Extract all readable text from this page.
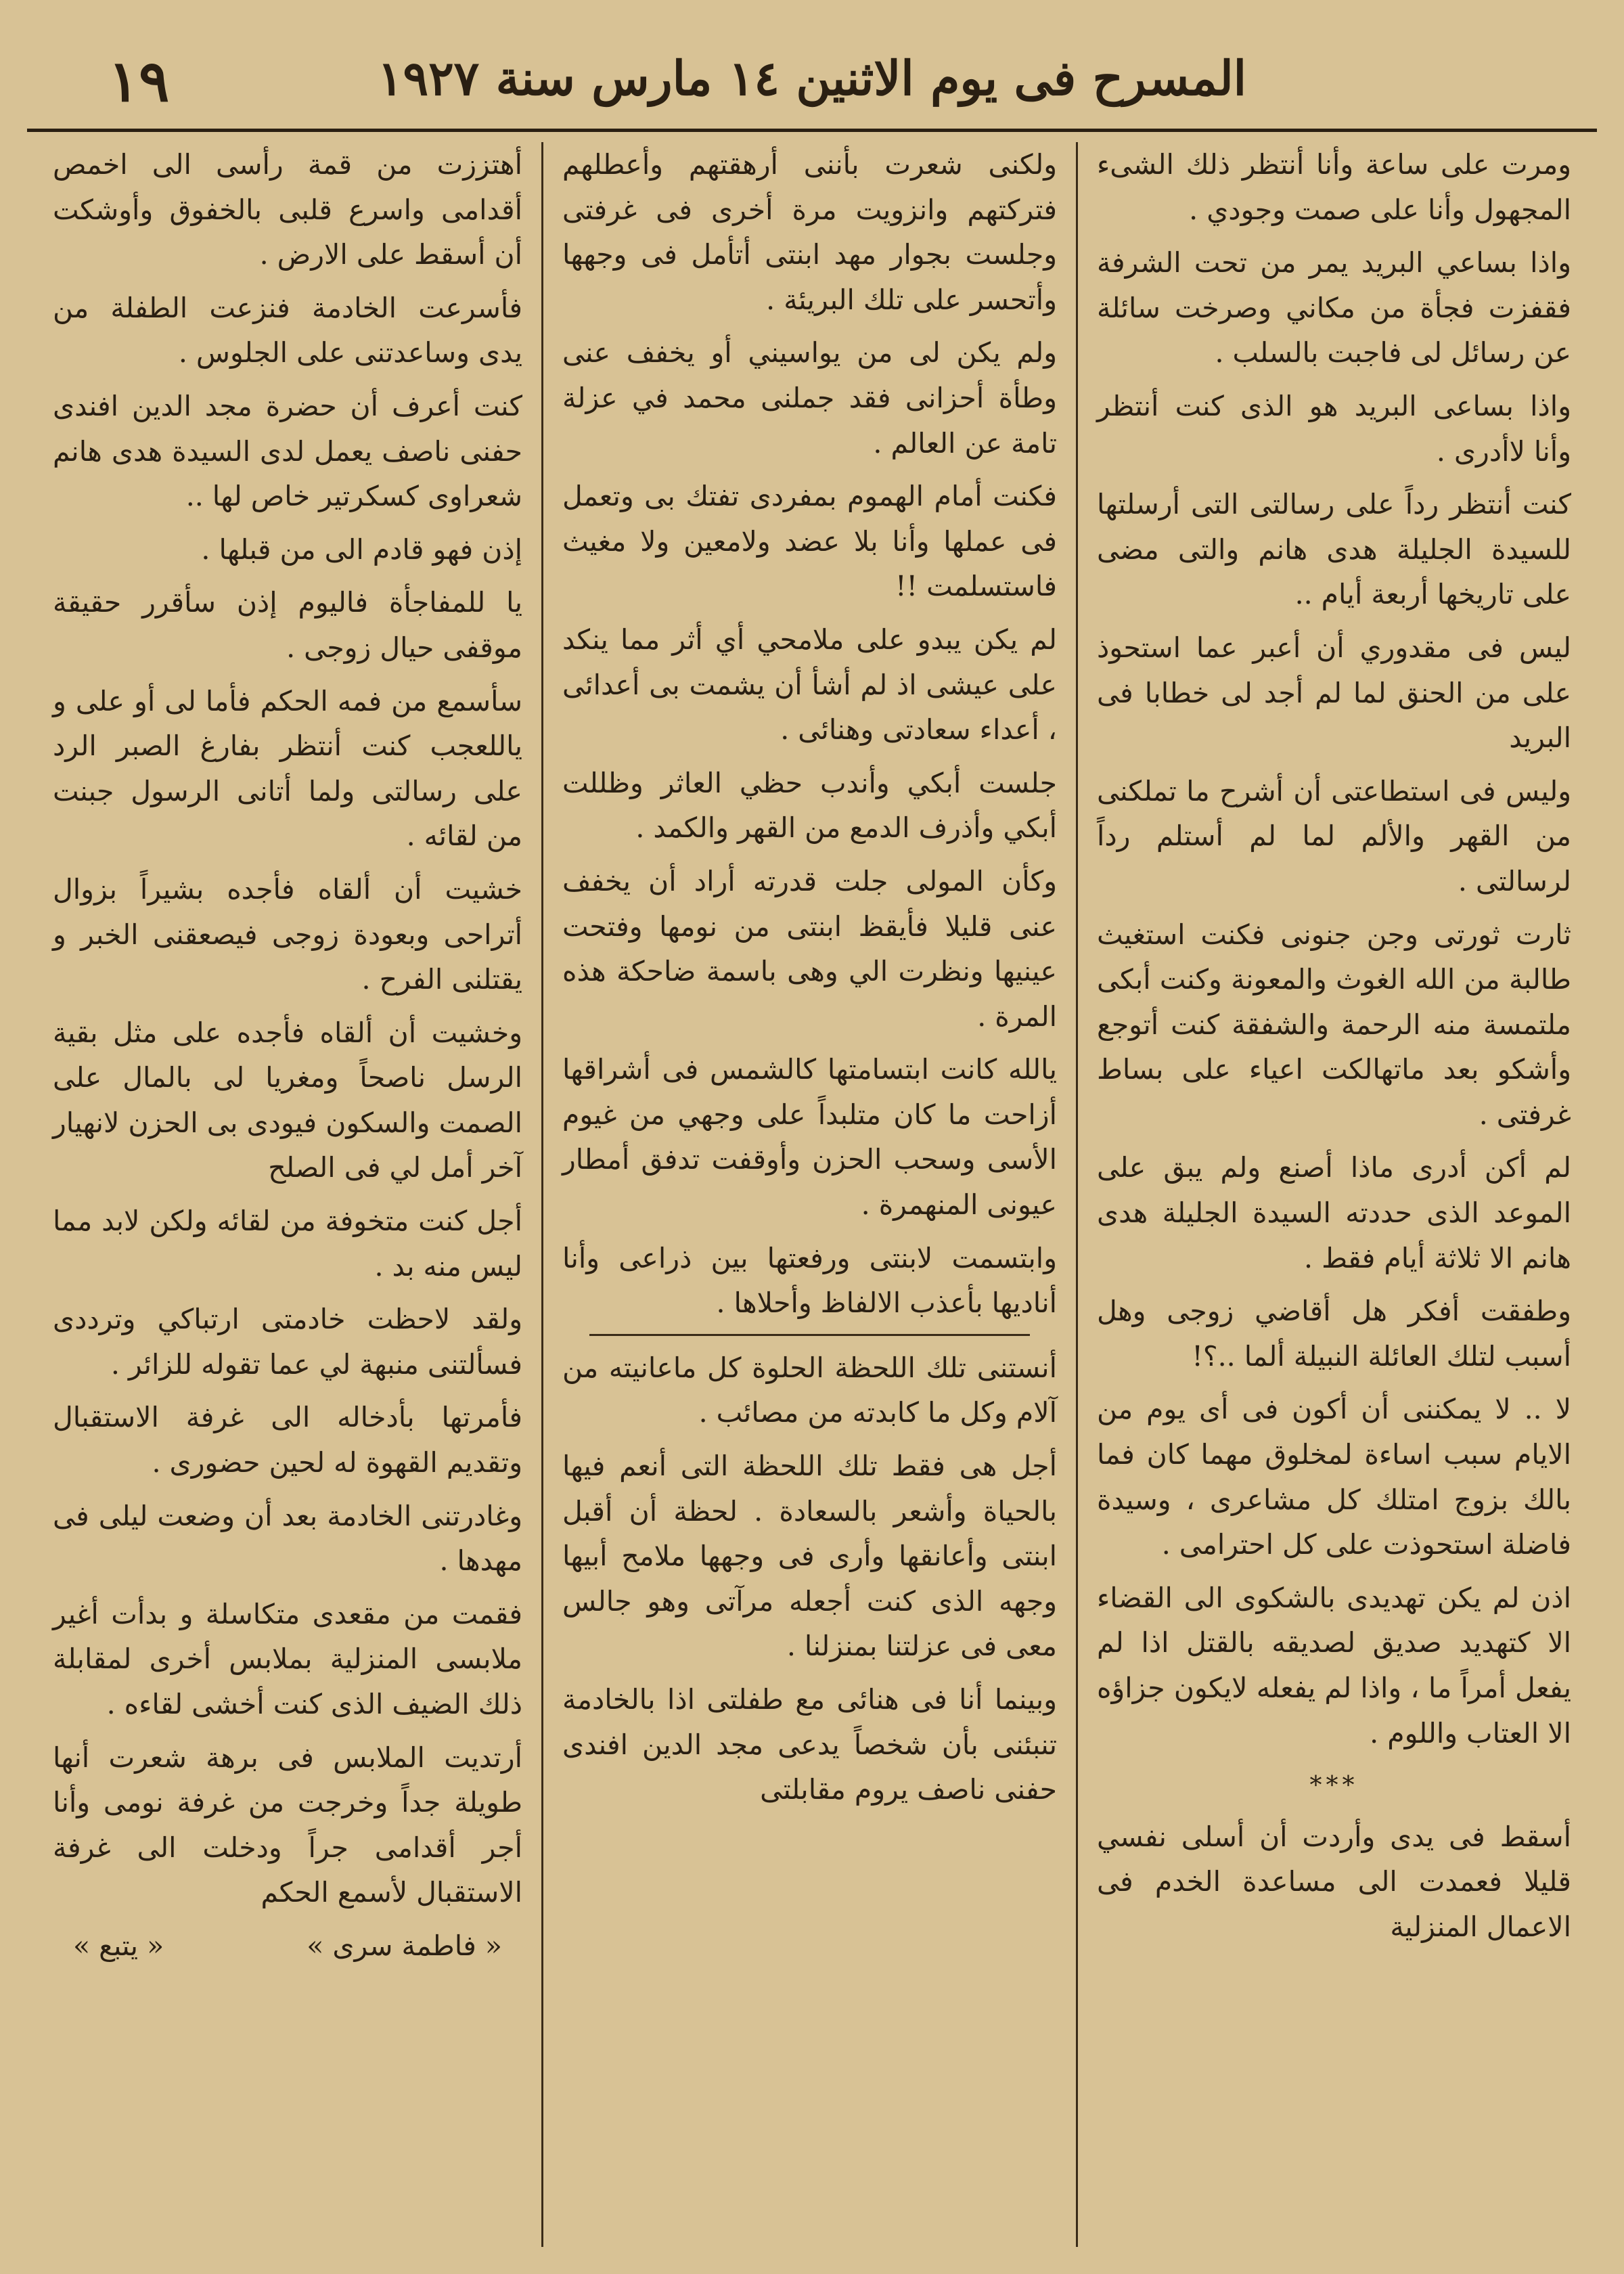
١٩	المسرح فى يوم الاثنين ١٤ مارس سنة ١٩٢٧

ومرت على ساعة وأنا أنتظر ذلك الشىء المجهول وأنا على صمت وجودي .

واذا بساعي البريد يمر من تحت الشرفة فقفزت فجأة من مكاني وصرخت سائلة عن رسائل لى فاجبت بالسلب .

واذا بساعى البريد هو الذى كنت أنتظر وأنا لاأدرى .

كنت أنتظر رداً على رسالتى التى أرسلتها للسيدة الجليلة هدى هانم والتى مضى على تاريخها أربعة أيام ..

ليس فى مقدوري أن أعبر عما استحوذ على من الحنق لما لم أجد لى خطابا فى البريد

وليس فى استطاعتى أن أشرح ما تملكنى من القهر والألم لما لم أستلم رداً لرسالتى .

ثارت ثورتى وجن جنونى فكنت استغيث طالبة من الله الغوث والمعونة وكنت أبكى ملتمسة منه الرحمة والشفقة كنت أتوجع وأشكو بعد ماتهالكت اعياء على بساط غرفتى .

لم أكن أدرى ماذا أصنع ولم يبق على الموعد الذى حددته السيدة الجليلة هدى هانم الا ثلاثة أيام فقط .

وطفقت أفكر هل أقاضي زوجى وهل أسبب لتلك العائلة النبيلة ألما ..؟!

لا .. لا يمكننى أن أكون فى أى يوم من الايام سبب اساءة لمخلوق مهما كان فما بالك بزوج امتلك كل مشاعرى ، وسيدة فاضلة استحوذت على كل احترامى .

اذن لم يكن تهديدى بالشكوى الى القضاء الا كتهديد صديق لصديقه بالقتل اذا لم يفعل أمراً ما ، واذا لم يفعله لايكون جزاؤه الا العتاب واللوم .

***

أسقط فى يدى وأردت أن أسلى نفسي قليلا فعمدت الى مساعدة الخدم فى الاعمال المنزلية

ولكنى شعرت بأننى أرهقتهم وأعطلهم فتركتهم وانزويت مرة أخرى فى غرفتى وجلست بجوار مهد ابنتى أتأمل فى وجهها وأتحسر على تلك البريئة .

ولم يكن لى من يواسيني أو يخفف عنى وطأة أحزانى فقد جملنى محمد في عزلة تامة عن العالم .

فكنت أمام الهموم بمفردى تفتك بى وتعمل فى عملها وأنا بلا عضد ولامعين ولا مغيث فاستسلمت !!

لم يكن يبدو على ملامحي أي أثر مما ينكد على عيشى اذ لم أشأ أن يشمت بى أعدائى ، أعداء سعادتى وهنائى .

جلست أبكي وأندب حظي العاثر وظللت أبكي وأذرف الدمع من القهر والكمد .

وكأن المولى جلت قدرته أراد أن يخفف عنى قليلا فأيقظ ابنتى من نومها وفتحت عينيها ونظرت الي وهى باسمة ضاحكة هذه المرة .

يالله كانت ابتسامتها كالشمس فى أشراقها أزاحت ما كان متلبداً على وجهي من غيوم الأسى وسحب الحزن وأوقفت تدفق أمطار عيونى المنهمرة .

وابتسمت لابنتى ورفعتها بين ذراعى وأنا أناديها بأعذب الالفاظ وأحلاها .

أنستنى تلك اللحظة الحلوة كل ماعانيته من آلام وكل ما كابدته من مصائب .

أجل هى فقط تلك اللحظة التى أنعم فيها بالحياة وأشعر بالسعادة . لحظة أن أقبل ابنتى وأعانقها وأرى فى وجهها ملامح أبيها وجهه الذى كنت أجعله مرآتى وهو جالس معى فى عزلتنا بمنزلنا .

وبينما أنا فى هنائى مع طفلتى اذا بالخادمة تنبئنى بأن شخصاً يدعى مجد الدين افندى حفنى ناصف يروم مقابلتى

أهتززت من قمة رأسى الى اخمص أقدامى واسرع قلبى بالخفوق وأوشكت أن أسقط على الارض .

فأسرعت الخادمة فنزعت الطفلة من يدى وساعدتنى على الجلوس .

كنت أعرف أن حضرة مجد الدين افندى حفنى ناصف يعمل لدى السيدة هدى هانم شعراوى كسكرتير خاص لها ..

إذن فهو قادم الى من قبلها .

يا للمفاجأة فاليوم إذن سأقرر حقيقة موقفى حيال زوجى .

سأسمع من فمه الحكم فأما لى أو على و ياللعجب كنت أنتظر بفارغ الصبر الرد على رسالتى ولما أتانى الرسول جبنت من لقائه .

خشيت أن ألقاه فأجده بشيراً بزوال أتراحى وبعودة زوجى فيصعقنى الخبر و يقتلنى الفرح .

وخشيت أن ألقاه فأجده على مثل بقية الرسل ناصحاً ومغريا لى بالمال على الصمت والسكون فيودى بى الحزن لانهيار آخر أمل لي فى الصلح

أجل كنت متخوفة من لقائه ولكن لابد مما ليس منه بد .

ولقد لاحظت خادمتى ارتباكي وترددى فسألتنى منبهة لي عما تقوله للزائر .

فأمرتها بأدخاله الى غرفة الاستقبال وتقديم القهوة له لحين حضورى .

وغادرتنى الخادمة بعد أن وضعت ليلى فى مهدها .

فقمت من مقعدى متكاسلة و بدأت أغير ملابسى المنزلية بملابس أخرى لمقابلة ذلك الضيف الذى كنت أخشى لقاءه .

أرتديت الملابس فى برهة شعرت أنها طويلة جداً وخرجت من غرفة نومى وأنا أجر أقدامى جراً ودخلت الى غرفة الاستقبال لأسمع الحكم

« يتبع »	« فاطمة سرى »
